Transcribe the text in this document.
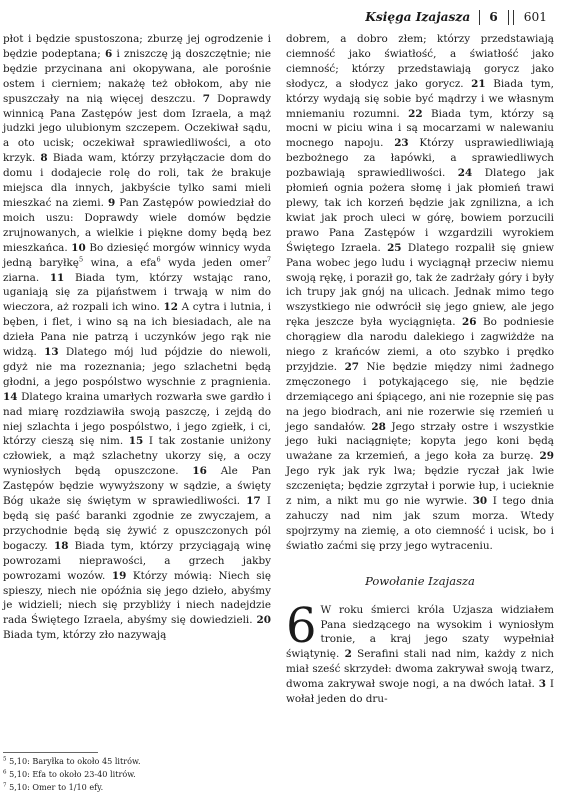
Księga Izajasza 6 601

płot i będzie spustoszona; zburzę jej ogrodzenie i będzie podeptana; 6 i zniszczę ją doszczętnie; nie będzie przycinana ani okopywana, ale porośnie ostem i cierniem; nakażę też obłokom, aby nie spuszczały na nią więcej deszczu. 7 Doprawdy winnicą Pana Zastępów jest dom Izraela, a mąż judzki jego ulubionym szczepem. Oczekiwał sądu, a oto ucisk; oczekiwał sprawiedliwości, a oto krzyk. 8 Biada wam, którzy przyłączacie dom do domu i dodajecie rolę do roli, tak że brakuje miejsca dla innych, jakbyście tylko sami mieli mieszkać na ziemi. 9 Pan Zastępów powiedział do moich uszu: Doprawdy wiele domów będzie zrujnowanych, a wielkie i piękne domy będą bez mieszkańca. 10 Bo dziesięć morgów winnicy wyda jedną baryłkę$^5$ wina, a efa$^6$ wyda jeden omer$^7$ ziarna. 11 Biada tym, którzy wstając rano, uganiają się za pijaństwem i trwają w nim do wieczora, aż rozpali ich wino. 12 A cytra i lutnia, i bęben, i flet, i wino są na ich biesiadach, ale na dzieła Pana nie patrzą i uczynków jego rąk nie widzą. 13 Dlatego mój lud pójdzie do niewoli, gdyż nie ma rozeznania; jego szlachetni będą głodni, a jego pospólstwo wyschnie z pragnienia. 14 Dlatego kraina umarłych rozwarła swe gardło i nad miarę rozdziawiła swoją paszczę, i zejdą do niej szlachta i jego pospólstwo, i jego zgiełk, i ci, którzy cieszą się nim. 15 I tak zostanie uniżony człowiek, a mąż szlachetny ukorzy się, a oczy wyniosłych będą opuszczone. 16 Ale Pan Zastępów będzie wywyższony w sądzie, a święty Bóg ukaże się świętym w sprawiedliwości. 17 I będą się paść baranki zgodnie ze zwyczajem, a przychodnie będą się żywić z opuszczonych pól bogaczy. 18 Biada tym, którzy przyciągają winę powrozami nieprawości, a grzech jakby powrozami wozów. 19 Którzy mówią: Niech się spieszy, niech nie opóźnia się jego dzieło, abyśmy je widzieli; niech się przybliży i niech nadejdzie rada Świętego Izraela, abyśmy się dowiedzieli. 20 Biada tym, którzy zło nazywają

dobrem, a dobro złem; którzy przedstawiają ciemność jako światłość, a światłość jako ciemność; którzy przedstawiają gorycz jako słodycz, a słodycz jako gorycz. 21 Biada tym, którzy wydają się sobie być mądrzy i we własnym mniemaniu rozumni. 22 Biada tym, którzy są mocni w piciu wina i są mocarzami w nalewaniu mocnego napoju. 23 Którzy usprawiedliwiają bezbożnego za łapówki, a sprawiedliwych pozbawiają sprawiedliwości. 24 Dlatego jak płomień ognia pożera słomę i jak płomień trawi plewy, tak ich korzeń będzie jak zgnilizna, a ich kwiat jak proch uleci w górę, bowiem porzucili prawo Pana Zastępów i wzgardzili wyrokiem Świętego Izraela. 25 Dlatego rozpalił się gniew Pana wobec jego ludu i wyciągnął przeciw niemu swoją rękę, i poraził go, tak że zadrżały góry i były ich trupy jak gnój na ulicach. Jednak mimo tego wszystkiego nie odwrócił się jego gniew, ale jego ręka jeszcze była wyciągnięta. 26 Bo podniesie chorągiew dla narodu dalekiego i zagwiżdże na niego z krańców ziemi, a oto szybko i prędko przyjdzie. 27 Nie będzie między nimi żadnego zmęczonego i potykającego się, nie będzie drzemiącego ani śpiącego, ani nie rozepnie się pas na jego biodrach, ani nie rozerwie się rzemień u jego sandałów. 28 Jego strzały ostre i wszystkie jego łuki naciągnięte; kopyta jego koni będą uważane za krzemień, a jego koła za burzę. 29 Jego ryk jak ryk lwa; będzie ryczał jak lwie szczenięta; będzie zgrzytał i porwie łup, i ucieknie z nim, a nikt mu go nie wyrwie. 30 I tego dnia zahuczy nad nim jak szum morza. Wtedy spojrzymy na ziemię, a oto ciemność i ucisk, bo i światło zaćmi się przy jego wytraceniu.

Powołanie Izajasza

6 W roku śmierci króla Uzjasza widziałem Pana siedzącego na wysokim i wyniosłym tronie, a kraj jego szaty wypełniał świątynię. 2 Serafini stali nad nim, każdy z nich miał sześć skrzydeł: dwoma zakrywał swoją twarz, dwoma zakrywał swoje nogi, a na dwóch latał. 3 I wołał jeden do dru-

$^5$ 5,10: Baryłka to około 45 litrów.
$^6$ 5,10: Efa to około 23-40 litrów.
$^7$ 5,10: Omer to 1/10 efy.
